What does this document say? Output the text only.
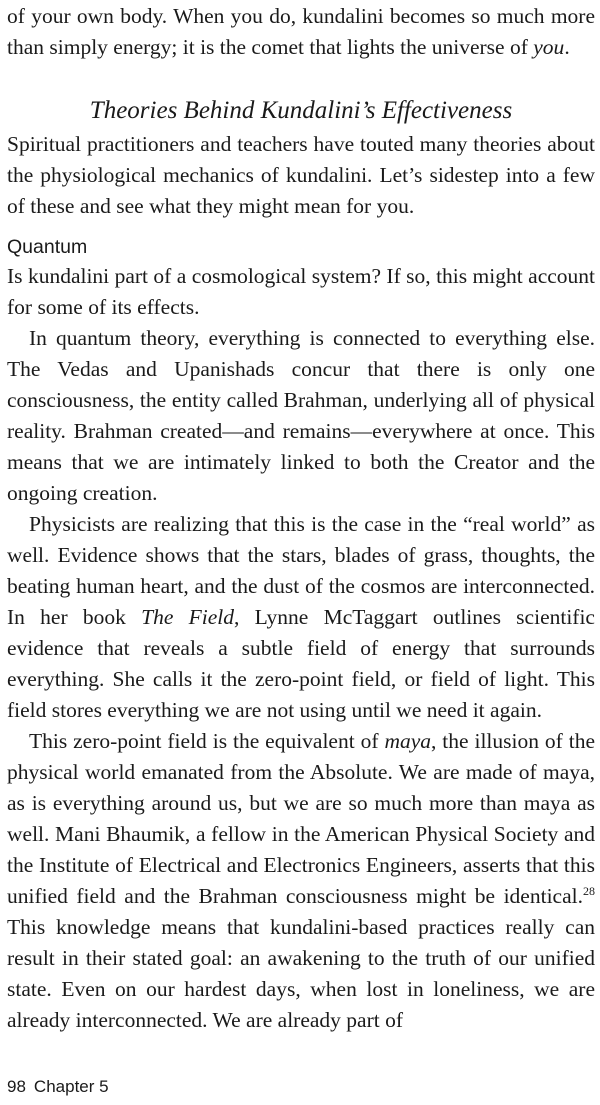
of your own body. When you do, kundalini becomes so much more than simply energy; it is the comet that lights the universe of you.

Theories Behind Kundalini’s Effectiveness

Spiritual practitioners and teachers have touted many theories about the physiological mechanics of kundalini. Let’s sidestep into a few of these and see what they might mean for you.

Quantum

Is kundalini part of a cosmological system? If so, this might account for some of its effects.

In quantum theory, everything is connected to everything else. The Vedas and Upanishads concur that there is only one consciousness, the entity called Brahman, underlying all of physical reality. Brahman created—and remains—everywhere at once. This means that we are intimately linked to both the Creator and the ongoing creation.

Physicists are realizing that this is the case in the “real world” as well. Evidence shows that the stars, blades of grass, thoughts, the beating human heart, and the dust of the cosmos are interconnected. In her book The Field, Lynne McTaggart outlines scientific evidence that reveals a subtle field of energy that surrounds everything. She calls it the zero-point field, or field of light. This field stores everything we are not using until we need it again.

This zero-point field is the equivalent of maya, the illusion of the physical world emanated from the Absolute. We are made of maya, as is everything around us, but we are so much more than maya as well. Mani Bhaumik, a fellow in the American Physical Society and the Institute of Electrical and Electronics Engineers, asserts that this unified field and the Brahman consciousness might be identical.$^{28}$ This knowledge means that kundalini-based practices really can result in their stated goal: an awakening to the truth of our unified state. Even on our hardest days, when lost in loneliness, we are already interconnected. We are already part of

98 Chapter 5
